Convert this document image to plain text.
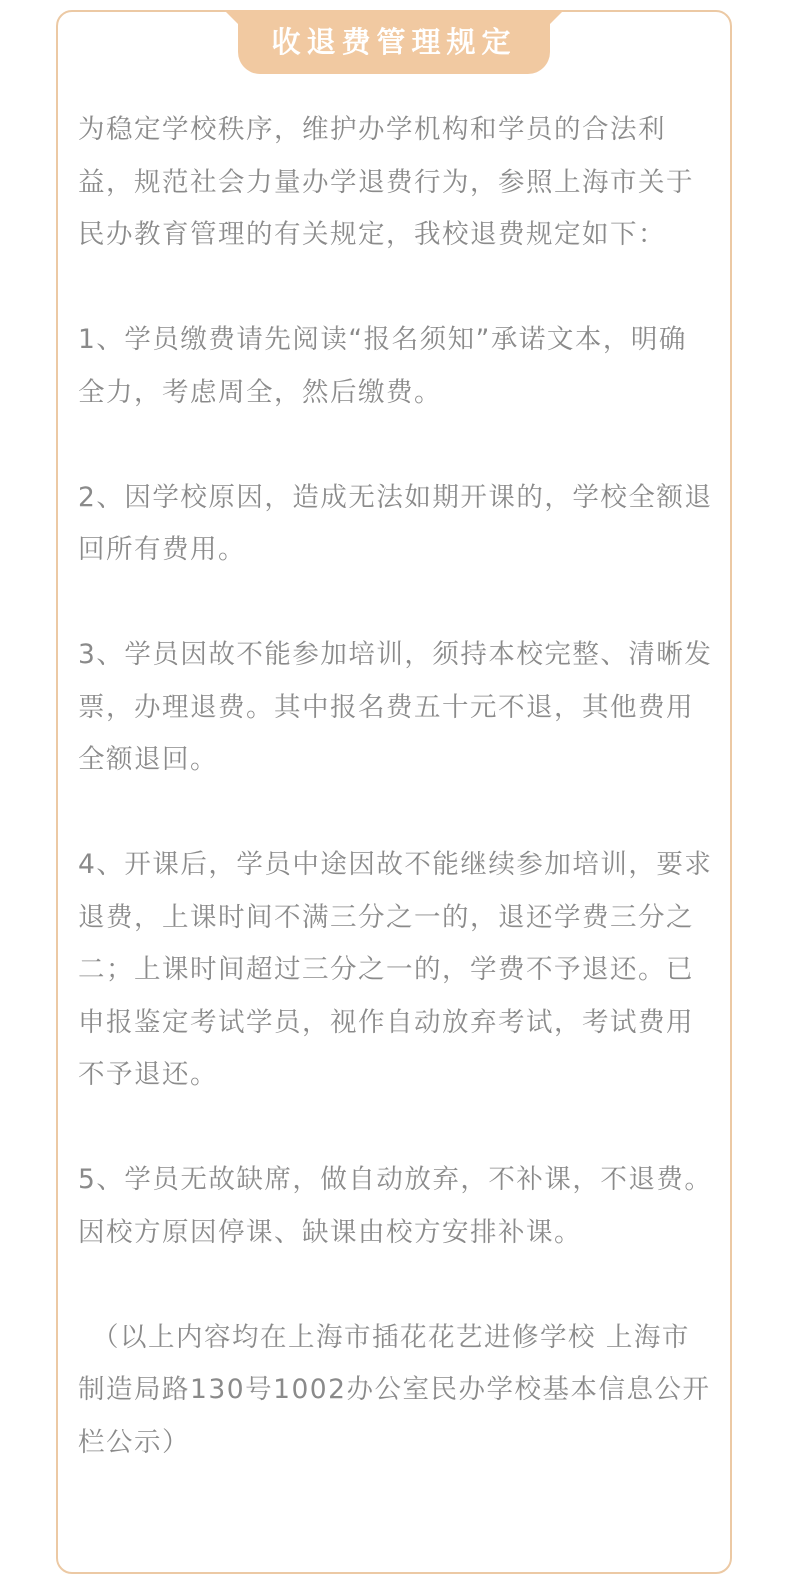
收退费管理规定

为稳定学校秩序，维护办学机构和学员的合法利益，规范社会力量办学退费行为，参照上海市关于民办教育管理的有关规定，我校退费规定如下：

1、学员缴费请先阅读“报名须知”承诺文本，明确全力，考虑周全，然后缴费。

2、因学校原因，造成无法如期开课的，学校全额退回所有费用。

3、学员因故不能参加培训，须持本校完整、清晰发票，办理退费。其中报名费五十元不退，其他费用全额退回。

4、开课后，学员中途因故不能继续参加培训，要求退费，上课时间不满三分之一的，退还学费三分之二；上课时间超过三分之一的，学费不予退还。已申报鉴定考试学员，视作自动放弃考试，考试费用不予退还。

5、学员无故缺席，做自动放弃，不补课，不退费。因校方原因停课、缺课由校方安排补课。

（以上内容均在上海市插花花艺进修学校 上海市制造局路130号1002办公室民办学校基本信息公开栏公示）
